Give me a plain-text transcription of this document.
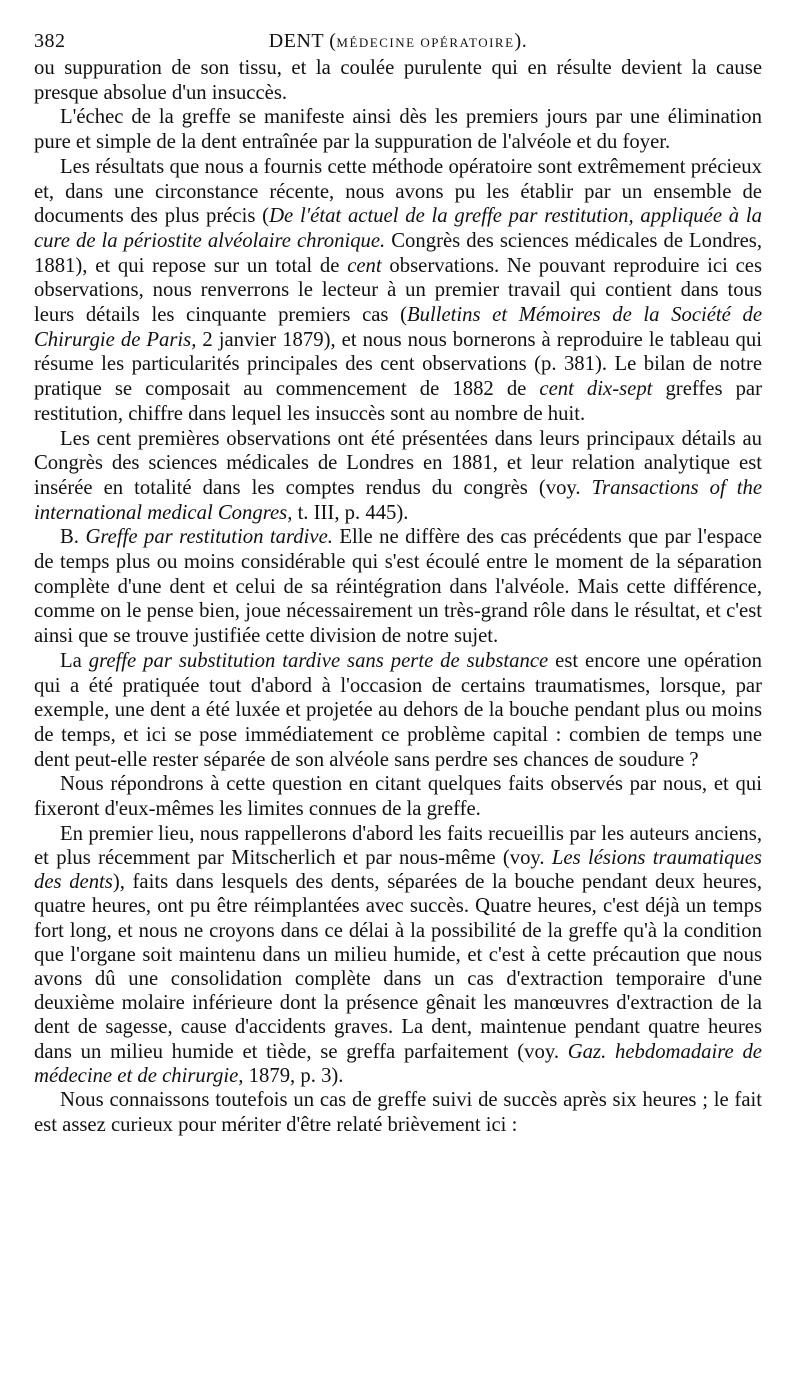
382	DENT (MÉDECINE OPÉRATOIRE).

ou suppuration de son tissu, et la coulée purulente qui en résulte devient la cause presque absolue d'un insuccès.

L'échec de la greffe se manifeste ainsi dès les premiers jours par une élimination pure et simple de la dent entraînée par la suppuration de l'alvéole et du foyer.

Les résultats que nous a fournis cette méthode opératoire sont extrêmement précieux et, dans une circonstance récente, nous avons pu les établir par un ensemble de documents des plus précis (De l'état actuel de la greffe par restitution, appliquée à la cure de la périostite alvéolaire chronique. Congrès des sciences médicales de Londres, 1881), et qui repose sur un total de cent observations. Ne pouvant reproduire ici ces observations, nous renverrons le lecteur à un premier travail qui contient dans tous leurs détails les cinquante premiers cas (Bulletins et Mémoires de la Société de Chirurgie de Paris, 2 janvier 1879), et nous nous bornerons à reproduire le tableau qui résume les particularités principales des cent observations (p. 381). Le bilan de notre pratique se composait au commencement de 1882 de cent dix-sept greffes par restitution, chiffre dans lequel les insuccès sont au nombre de huit.

Les cent premières observations ont été présentées dans leurs principaux détails au Congrès des sciences médicales de Londres en 1881, et leur relation analytique est insérée en totalité dans les comptes rendus du congrès (voy. Transactions of the international medical Congres, t. III, p. 445).

B. Greffe par restitution tardive. Elle ne diffère des cas précédents que par l'espace de temps plus ou moins considérable qui s'est écoulé entre le moment de la séparation complète d'une dent et celui de sa réintégration dans l'alvéole. Mais cette différence, comme on le pense bien, joue nécessairement un très-grand rôle dans le résultat, et c'est ainsi que se trouve justifiée cette division de notre sujet.

La greffe par substitution tardive sans perte de substance est encore une opération qui a été pratiquée tout d'abord à l'occasion de certains traumatismes, lorsque, par exemple, une dent a été luxée et projetée au dehors de la bouche pendant plus ou moins de temps, et ici se pose immédiatement ce problème capital : combien de temps une dent peut-elle rester séparée de son alvéole sans perdre ses chances de soudure ?

Nous répondrons à cette question en citant quelques faits observés par nous, et qui fixeront d'eux-mêmes les limites connues de la greffe.

En premier lieu, nous rappellerons d'abord les faits recueillis par les auteurs anciens, et plus récemment par Mitscherlich et par nous-même (voy. Les lésions traumatiques des dents), faits dans lesquels des dents, séparées de la bouche pendant deux heures, quatre heures, ont pu être réimplantées avec succès. Quatre heures, c'est déjà un temps fort long, et nous ne croyons dans ce délai à la possibilité de la greffe qu'à la condition que l'organe soit maintenu dans un milieu humide, et c'est à cette précaution que nous avons dû une consolidation complète dans un cas d'extraction temporaire d'une deuxième molaire inférieure dont la présence gênait les manœuvres d'extraction de la dent de sagesse, cause d'accidents graves. La dent, maintenue pendant quatre heures dans un milieu humide et tiède, se greffa parfaitement (voy. Gaz. hebdomadaire de médecine et de chirurgie, 1879, p. 3).

Nous connaissons toutefois un cas de greffe suivi de succès après six heures ; le fait est assez curieux pour mériter d'être relaté brièvement ici :
